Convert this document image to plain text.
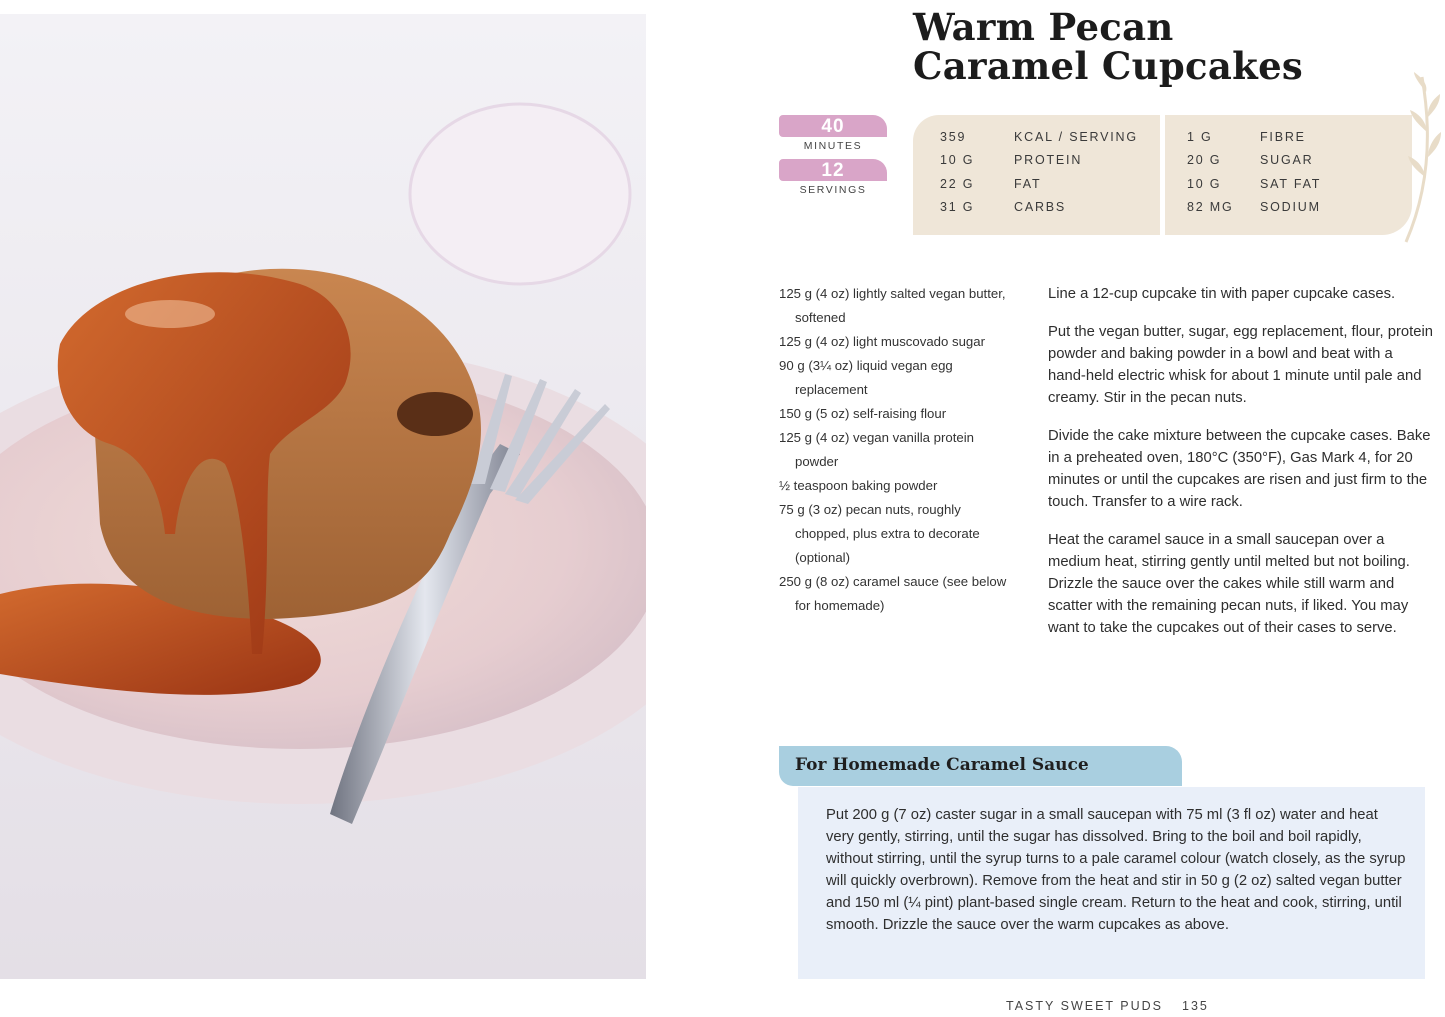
Warm Pecan
Caramel Cupcakes
40
MINUTES
12
SERVINGS
359	KCAL / SERVING
10 G	PROTEIN
22 G	FAT
31 G	CARBS
1 G	FIBRE
20 G	SUGAR
10 G	SAT FAT
82 MG SODIUM
125 g (4 oz) lightly salted vegan butter, softened
125 g (4 oz) light muscovado sugar
90 g (3¼ oz) liquid vegan egg replacement
150 g (5 oz) self-raising flour
125 g (4 oz) vegan vanilla protein powder
½ teaspoon baking powder
75 g (3 oz) pecan nuts, roughly chopped, plus extra to decorate (optional)
250 g (8 oz) caramel sauce (see below for homemade)

Line a 12-cup cupcake tin with paper cupcake cases.

Put the vegan butter, sugar, egg replacement, flour, protein powder and baking powder in a bowl and beat with a hand-held electric whisk for about 1 minute until pale and creamy. Stir in the pecan nuts.

Divide the cake mixture between the cupcake cases. Bake in a preheated oven, 180°C (350°F), Gas Mark 4, for 20 minutes or until the cupcakes are risen and just firm to the touch. Transfer to a wire rack.

Heat the caramel sauce in a small saucepan over a medium heat, stirring gently until melted but not boiling. Drizzle the sauce over the cakes while still warm and scatter with the remaining pecan nuts, if liked. You may want to take the cupcakes out of their cases to serve.

For Homemade Caramel Sauce

Put 200 g (7 oz) caster sugar in a small saucepan with 75 ml (3 fl oz) water and heat very gently, stirring, until the sugar has dissolved. Bring to the boil and boil rapidly, without stirring, until the syrup turns to a pale caramel colour (watch closely, as the syrup will quickly overbrown). Remove from the heat and stir in 50 g (2 oz) salted vegan butter and 150 ml (¼ pint) plant-based single cream. Return to the heat and cook, stirring, until smooth. Drizzle the sauce over the warm cupcakes as above.

TASTY SWEET PUDS 135
